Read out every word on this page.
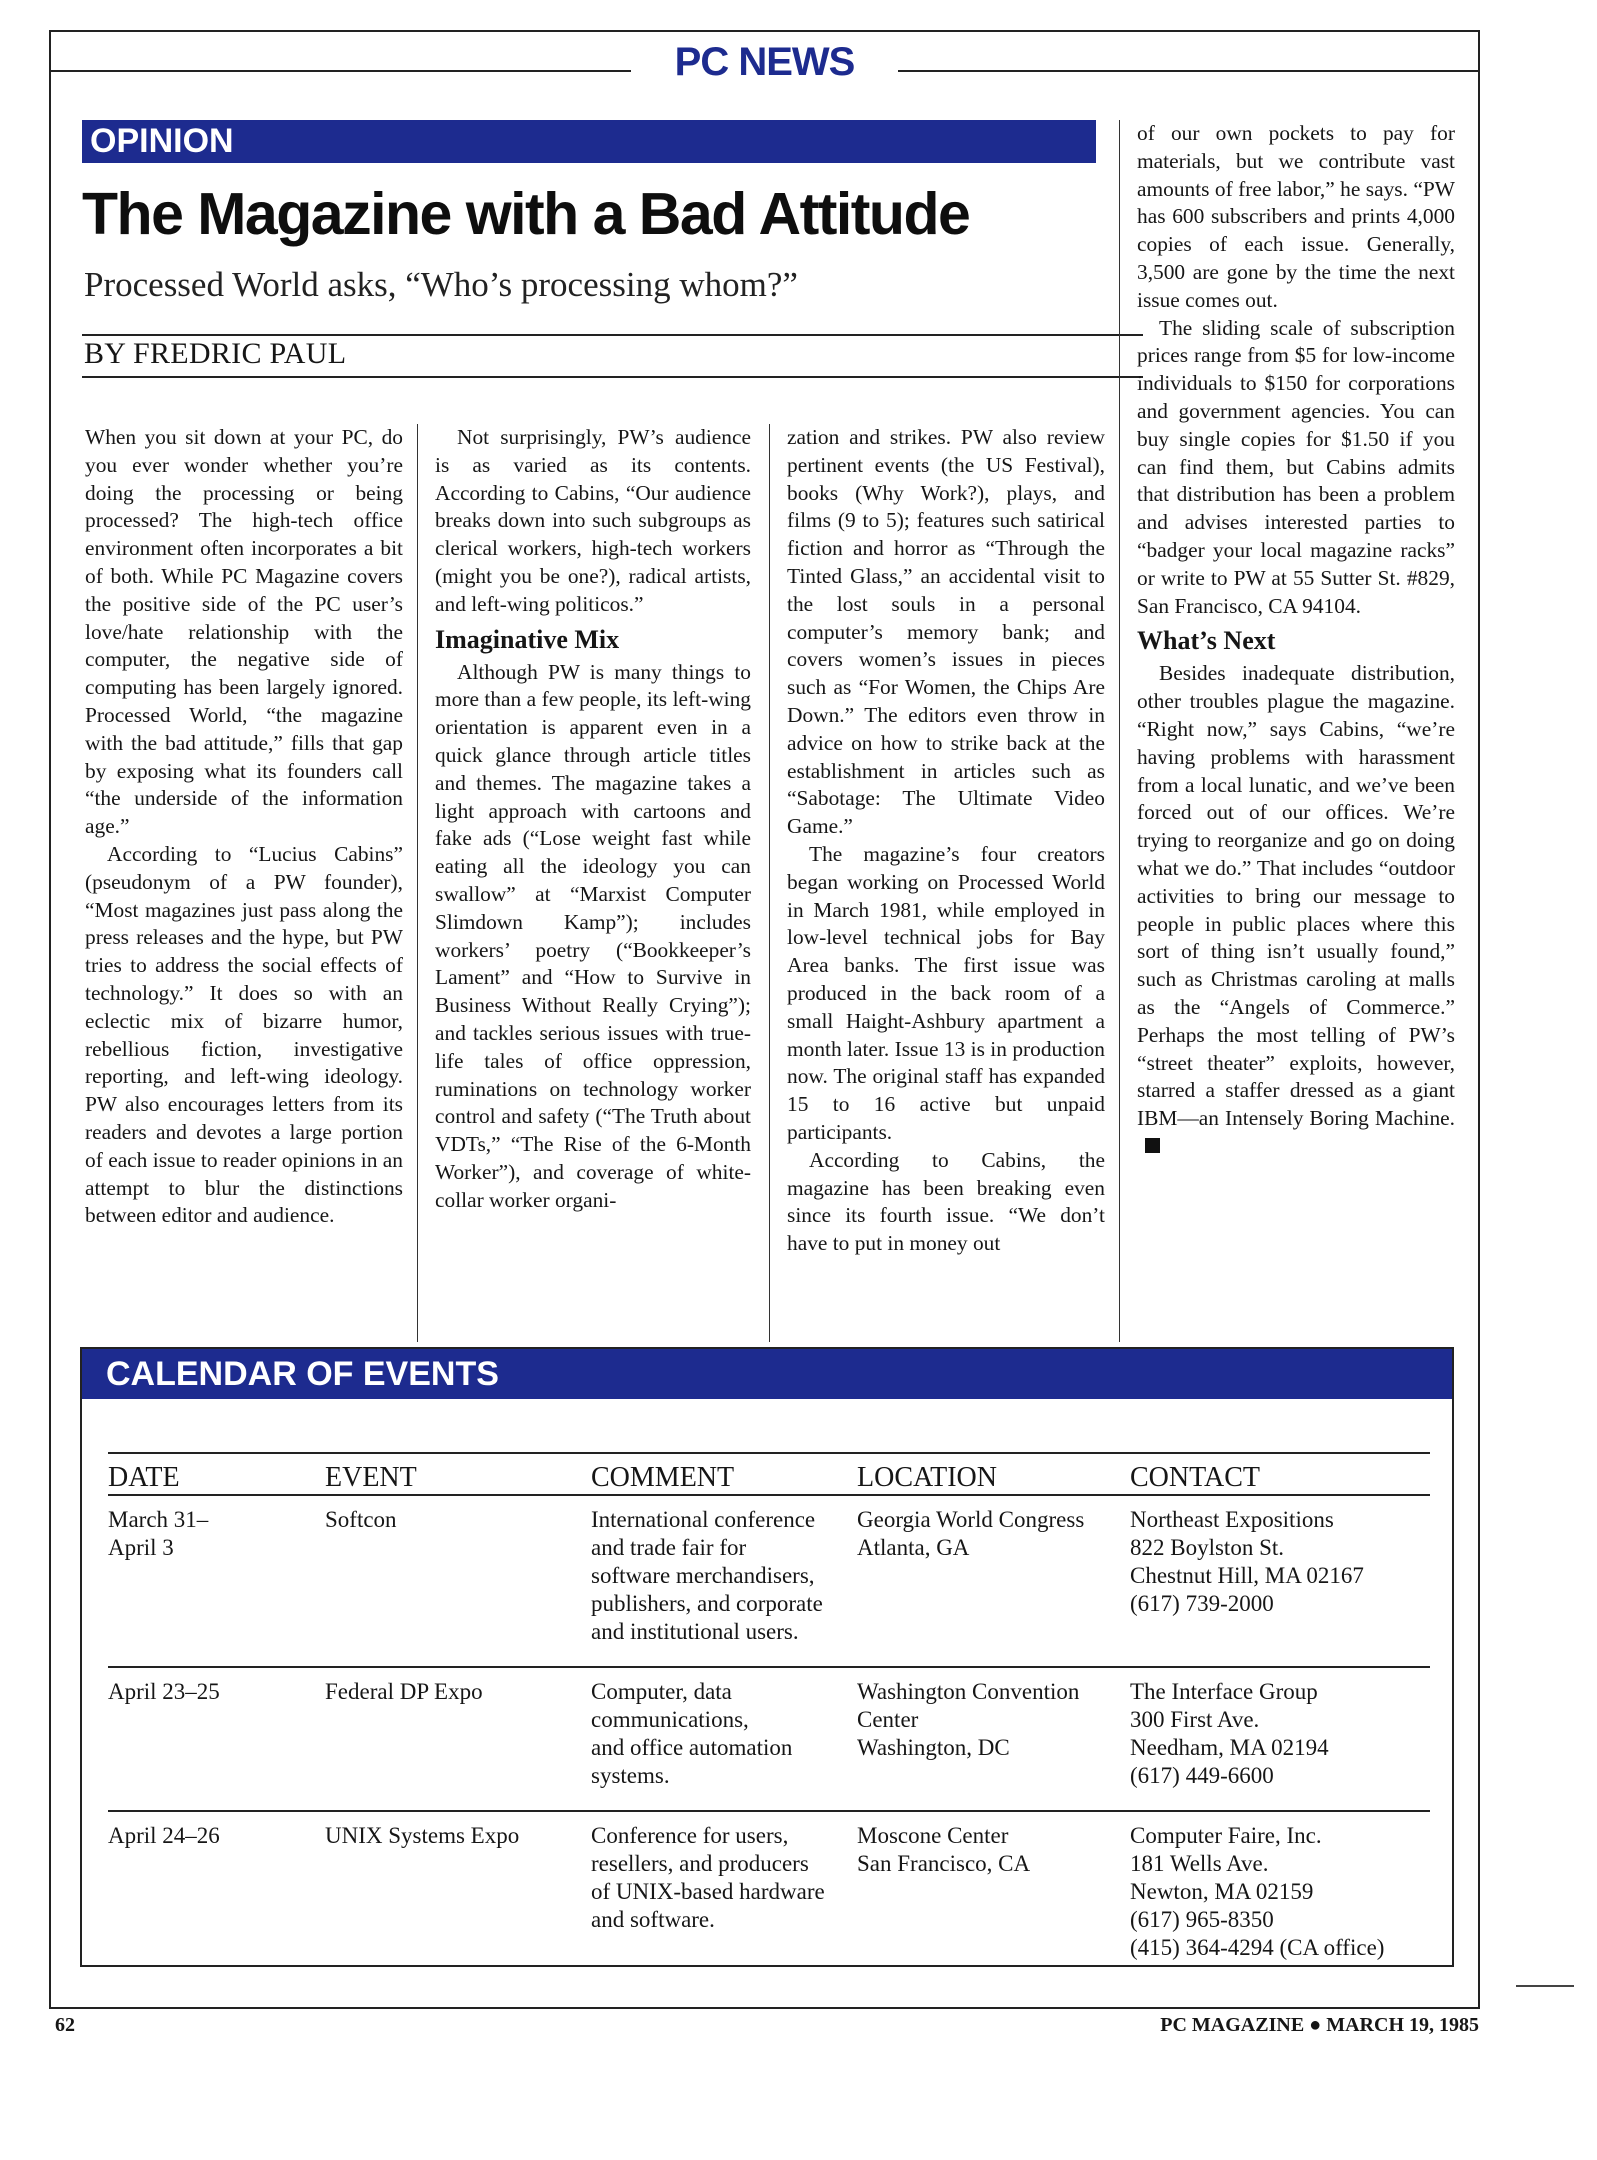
PC NEWS
OPINION
The Magazine with a Bad Attitude
Processed World asks, “Who’s processing whom?”
BY FREDRIC PAUL

When you sit down at your PC, do you ever wonder whether you’re doing the processing or being processed? The high-tech office environment often incorporates a bit of both. While PC Magazine covers the positive side of the PC user’s love/hate relationship with the computer, the negative side of computing has been largely ignored. Processed World, “the magazine with the bad attitude,” fills that gap by exposing what its founders call “the underside of the information age.”

According to “Lucius Cabins” (pseudonym of a PW founder), “Most magazines just pass along the press releases and the hype, but PW tries to address the social effects of technology.” It does so with an eclectic mix of bizarre humor, rebellious fiction, investigative reporting, and left-wing ideology. PW also encourages letters from its readers and devotes a large portion of each issue to reader opinions in an attempt to blur the distinctions between editor and audience.

Not surprisingly, PW’s audience is as varied as its contents. According to Cabins, “Our audience breaks down into such subgroups as clerical workers, high-tech workers (might you be one?), radical artists, and left-wing politicos.”

Imaginative Mix

Although PW is many things to more than a few people, its left-wing orientation is apparent even in a quick glance through article titles and themes. The magazine takes a light approach with cartoons and fake ads (“Lose weight fast while eating all the ideology you can swallow” at “Marxist Computer Slimdown Kamp”); includes workers’ poetry (“Bookkeeper’s Lament” and “How to Survive in Business Without Really Crying”); and tackles serious issues with true-life tales of office oppression, ruminations on technology worker control and safety (“The Truth about VDTs,” “The Rise of the 6-Month Worker”), and coverage of white-collar worker organi-

zation and strikes. PW also review pertinent events (the US Festival), books (Why Work?), plays, and films (9 to 5); features such satirical fiction and horror as “Through the Tinted Glass,” an accidental visit to the lost souls in a personal computer’s memory bank; and covers women’s issues in pieces such as “For Women, the Chips Are Down.” The editors even throw in advice on how to strike back at the establishment in articles such as “Sabotage: The Ultimate Video Game.”

The magazine’s four creators began working on Processed World in March 1981, while employed in low-level technical jobs for Bay Area banks. The first issue was produced in the back room of a small Haight-Ashbury apartment a month later. Issue 13 is in production now. The original staff has expanded 15 to 16 active but unpaid participants.

According to Cabins, the magazine has been breaking even since its fourth issue. “We don’t have to put in money out

of our own pockets to pay for materials, but we contribute vast amounts of free labor,” he says. “PW has 600 subscribers and prints 4,000 copies of each issue. Generally, 3,500 are gone by the time the next issue comes out.

The sliding scale of subscription prices range from $5 for low-income individuals to $150 for corporations and government agencies. You can buy single copies for $1.50 if you can find them, but Cabins admits that distribution has been a problem and advises interested parties to “badger your local magazine racks” or write to PW at 55 Sutter St. #829, San Francisco, CA 94104.

What’s Next

Besides inadequate distribution, other troubles plague the magazine. “Right now,” says Cabins, “we’re having problems with harassment from a local lunatic, and we’ve been forced out of our offices. We’re trying to reorganize and go on doing what we do.” That includes “outdoor activities to bring our message to people in public places where this sort of thing isn’t usually found,” such as Christmas caroling at malls as the “Angels of Commerce.” Perhaps the most telling of PW’s “street theater” exploits, however, starred a staffer dressed as a giant IBM—an Intensely Boring Machine.

CALENDAR OF EVENTS
DATE	EVENT	COMMENT	LOCATION	CONTACT

March 31–
April 3	Softcon	International conference
and trade fair for
software merchandisers,
publishers, and corporate
and institutional users.	Georgia World Congress
Atlanta, GA	Northeast Expositions
822 Boylston St.
Chestnut Hill, MA 02167
(617) 739-2000

April 23–25	Federal DP Expo	Computer, data
communications,
and office automation
systems.	Washington Convention
Center
Washington, DC	The Interface Group
300 First Ave.
Needham, MA 02194
(617) 449-6600

April 24–26	UNIX Systems Expo	Conference for users,
resellers, and producers
of UNIX-based hardware
and software.	Moscone Center
San Francisco, CA	Computer Faire, Inc.
181 Wells Ave.
Newton, MA 02159
(617) 965-8350
(415) 364-4294 (CA office)
62	PC MAGAZINE ● MARCH 19, 1985
